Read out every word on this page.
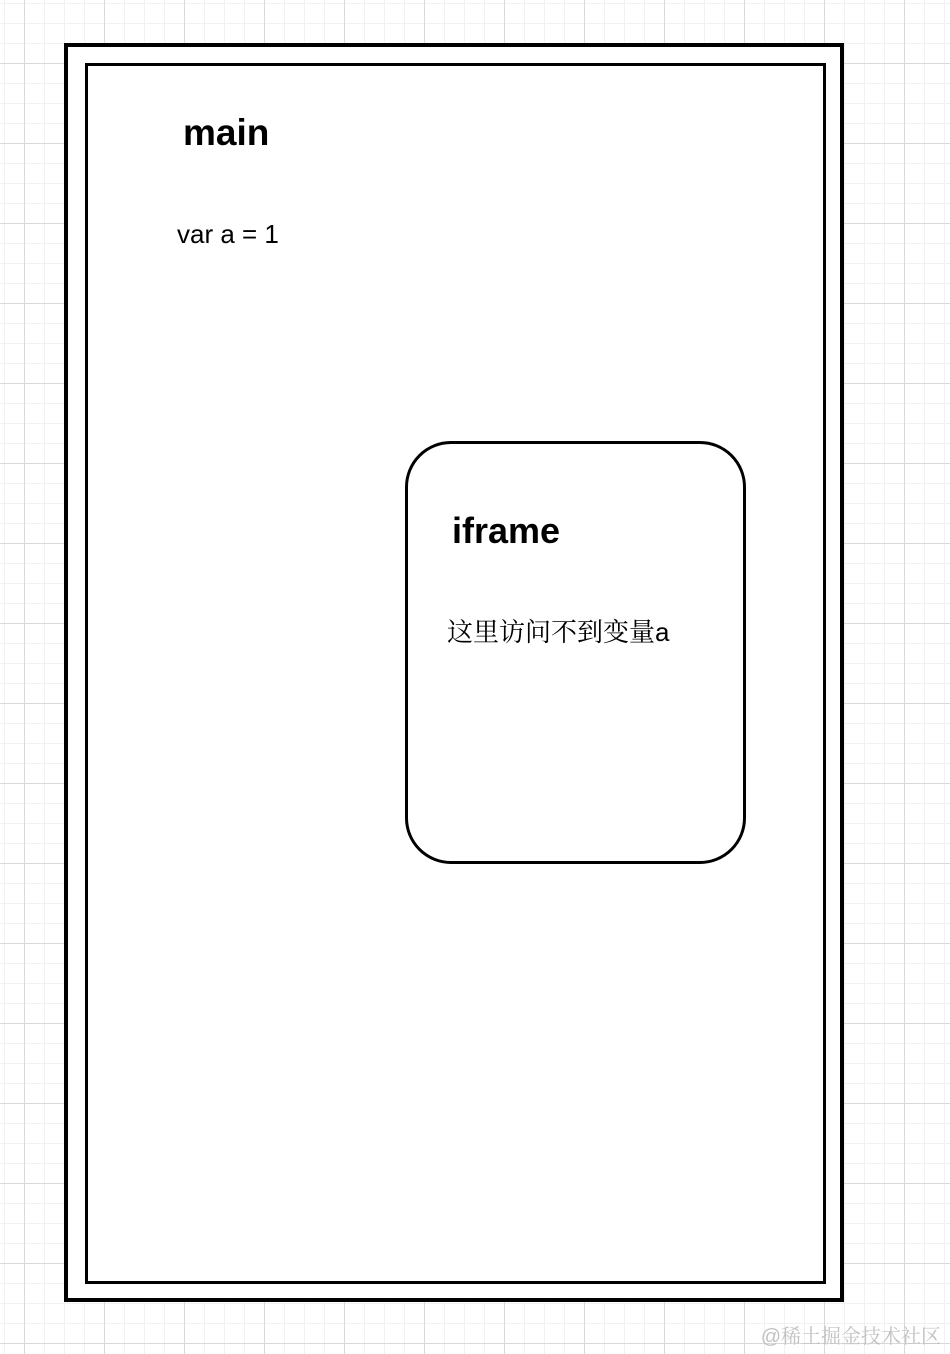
main
var a = 1
iframe
这里访问不到变量a
@稀土掘金技术社区
